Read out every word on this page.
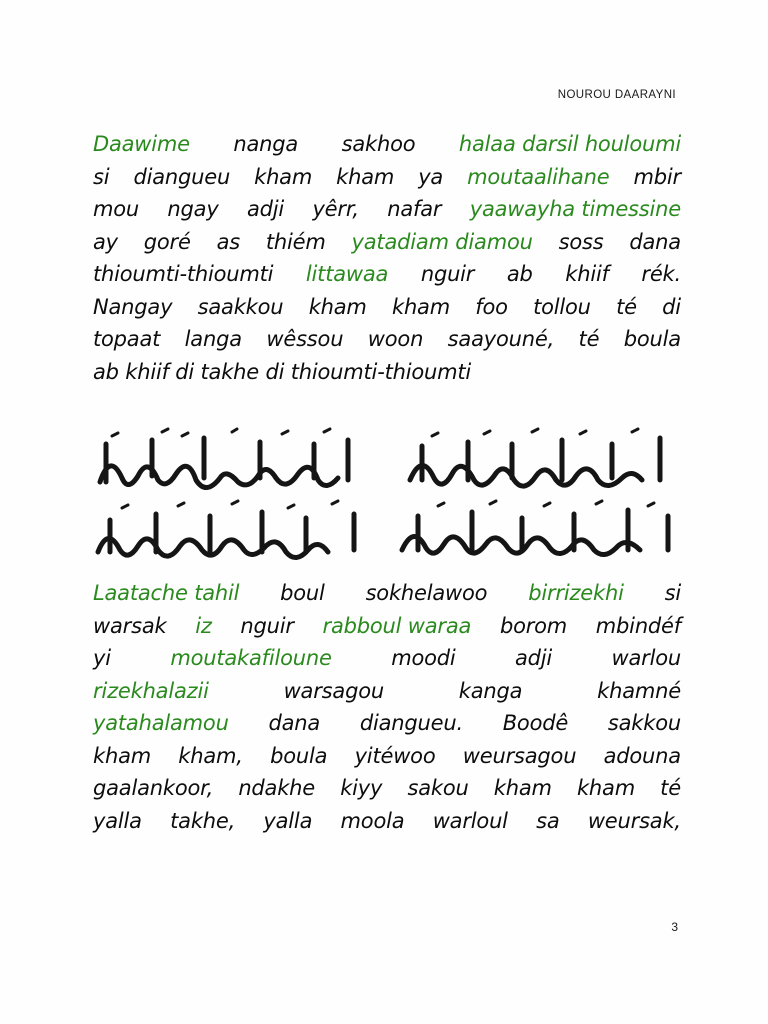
NOUROU DAARAYNI
Daawime nanga sakhoo halaa darsil houloumi
si diangueu kham kham ya moutaalihane mbir
mou ngay adji yêrr, nafar yaawayha timessine
ay goré as thiém yatadiam diamou soss dana
thioumti-thioumti littawaa nguir ab khiif rék.
Nangay saakkou kham kham foo tollou té di
topaat langa wêssou woon saayouné, té boula
ab khiif di takhe di thioumti-thioumti
Laatache tahil boul sokhelawoo birrizekhi si
warsak iz nguir rabboul waraa borom mbindéf
yi	moutakafiloune	moodi	adji	warlou
rizekhalazii	warsagou	kanga	khamné
yatahalamou dana diangueu. Boodê sakkou
kham kham, boula yitéwoo weursagou adouna
gaalankoor, ndakhe kiyy sakou kham kham té
yalla takhe, yalla moola warloul sa weursak,
3
